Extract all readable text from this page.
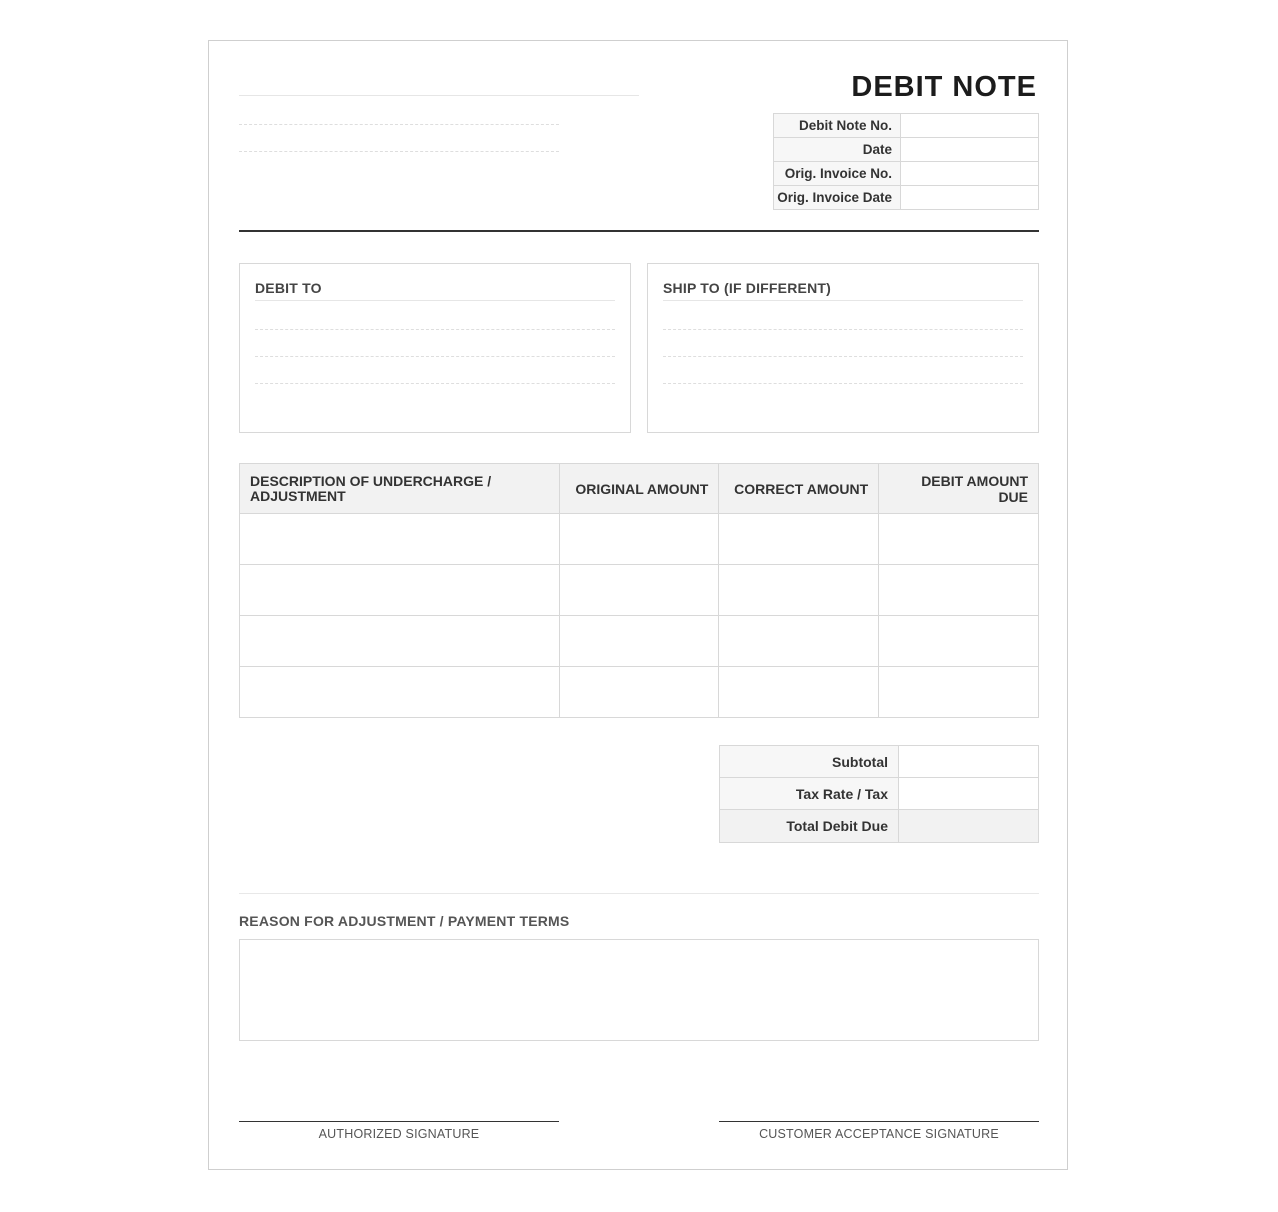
DEBIT NOTE
Debit Note No.	
Date	
Orig. Invoice No.	
Orig. Invoice Date	
DEBIT TO	SHIP TO (IF DIFFERENT)
DESCRIPTION OF UNDERCHARGE / ADJUSTMENT	ORIGINAL AMOUNT	CORRECT AMOUNT	DEBIT AMOUNT DUE

Subtotal	
Tax Rate / Tax	
Total Debit Due	
REASON FOR ADJUSTMENT / PAYMENT TERMS
AUTHORIZED SIGNATURE	CUSTOMER ACCEPTANCE SIGNATURE
